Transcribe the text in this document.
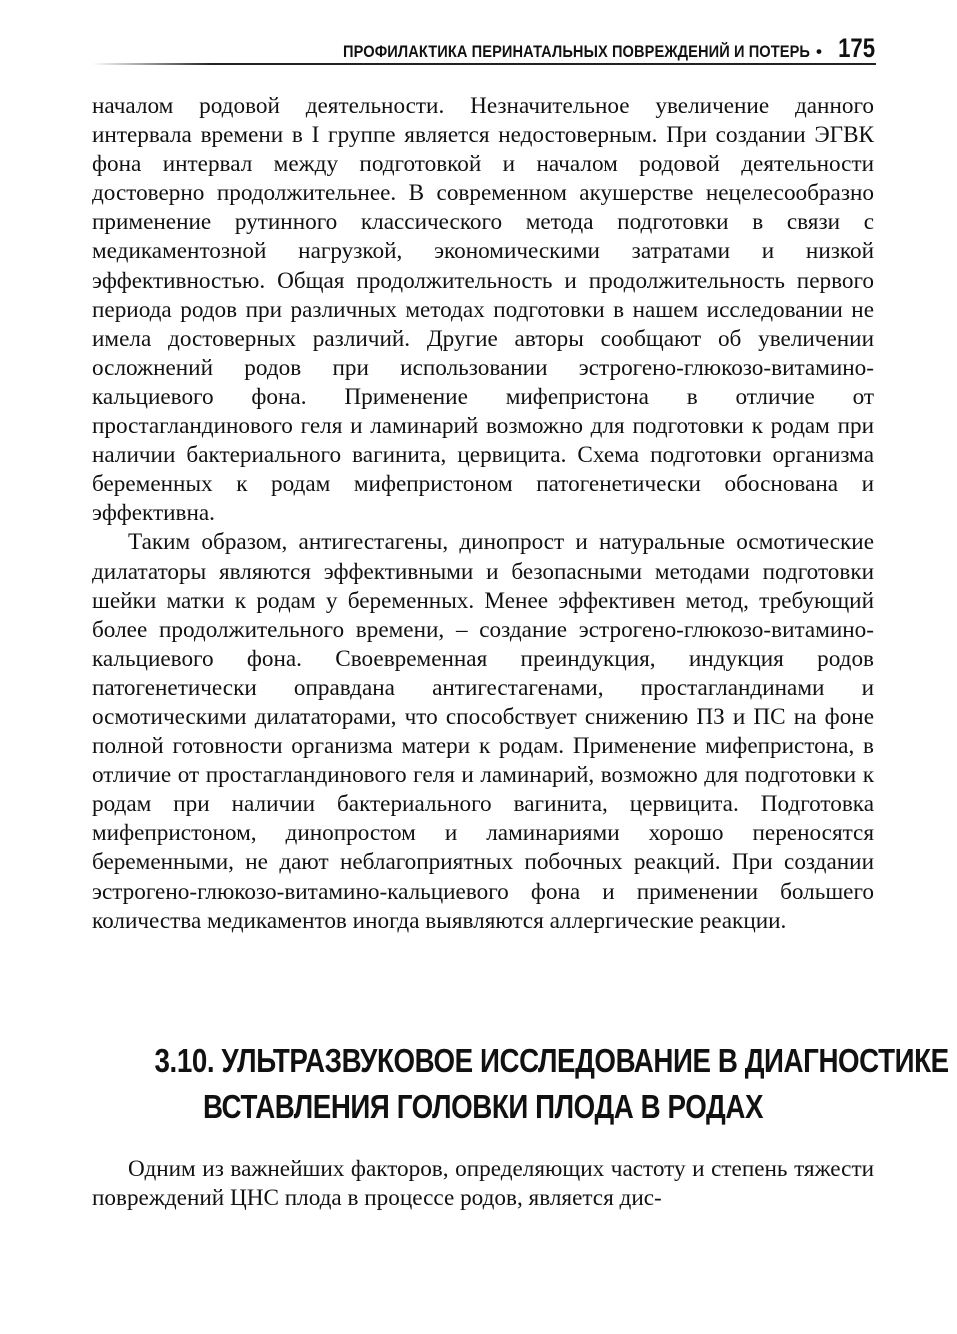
ПРОФИЛАКТИКА ПЕРИНАТАЛЬНЫХ ПОВРЕЖДЕНИЙ И ПОТЕРЬ • 175

началом родовой деятельности. Незначительное увеличение данного интервала времени в I группе является недостоверным. При создании ЭГВК фона интервал между подготовкой и началом родовой деятельности достоверно продолжительнее. В современном акушерстве нецелесообразно применение рутинного классического метода подготовки в связи с медикаментозной нагрузкой, экономическими затратами и низкой эффективностью. Общая продолжительность и продолжительность первого периода родов при различных методах подготовки в нашем исследовании не имела достоверных различий. Другие авторы сообщают об увеличении осложнений родов при использовании эстрогено-глюкозо-витамино-кальциевого фона. Применение мифепристона в отличие от простагландинового геля и ламинарий возможно для подготовки к родам при наличии бактериального вагинита, цервицита. Схема подготовки организма беременных к родам мифепристоном патогенетически обоснована и эффективна.

Таким образом, антигестагены, динопрост и натуральные осмотические дилататоры являются эффективными и безопасными методами подготовки шейки матки к родам у беременных. Менее эффективен метод, требующий более продолжительного времени, – создание эстрогено-глюкозо-витамино-кальциевого фона. Своевременная преиндукция, индукция родов патогенетически оправдана антигестагенами, простагландинами и осмотическими дилататорами, что способствует снижению ПЗ и ПС на фоне полной готовности организма матери к родам. Применение мифепристона, в отличие от простагландинового геля и ламинарий, возможно для подготовки к родам при наличии бактериального вагинита, цервицита. Подготовка мифепристоном, динопростом и ламинариями хорошо переносятся беременными, не дают неблагоприятных побочных реакций. При создании эстрогено-глюкозо-витамино-кальциевого фона и применении большего количества медикаментов иногда выявляются аллергические реакции.

3.10. УЛЬТРАЗВУКОВОЕ ИССЛЕДОВАНИЕ В ДИАГНОСТИКЕ
ВСТАВЛЕНИЯ ГОЛОВКИ ПЛОДА В РОДАХ

Одним из важнейших факторов, определяющих частоту и степень тяжести повреждений ЦНС плода в процессе родов, является дис-
